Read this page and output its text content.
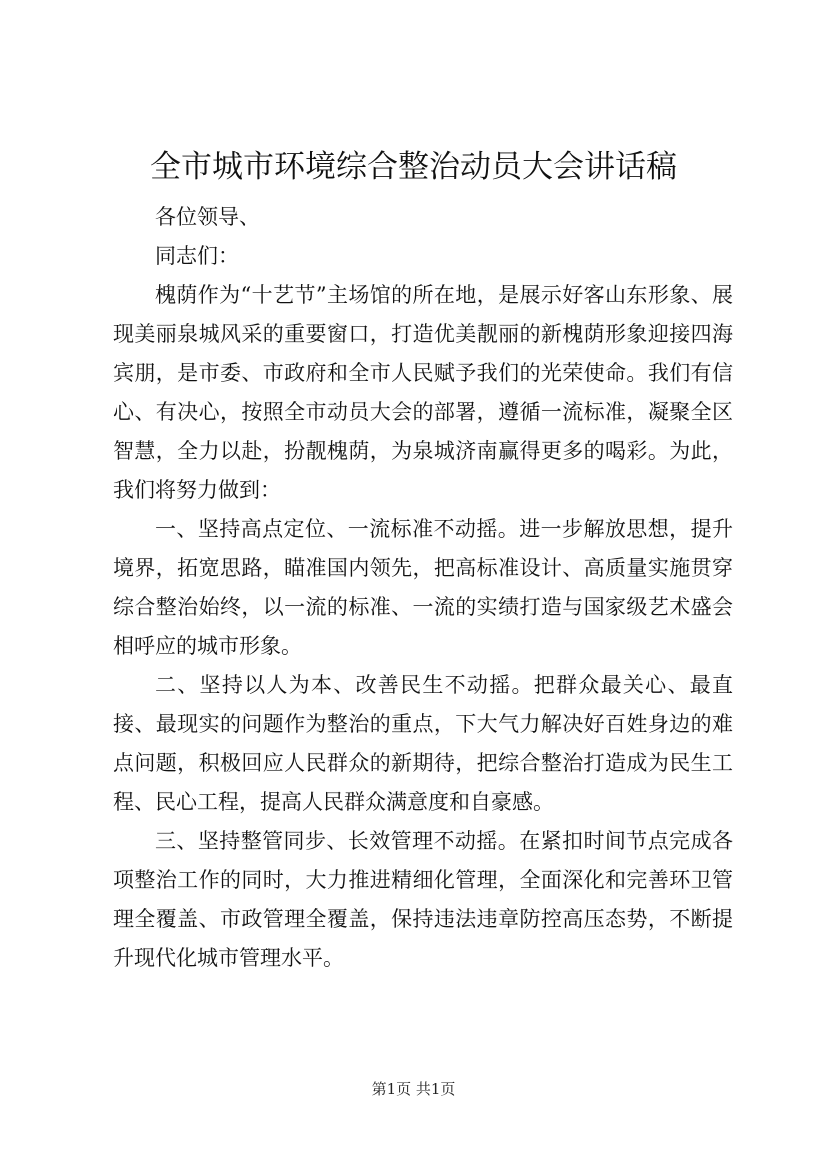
全市城市环境综合整治动员大会讲话稿

各位领导、

同志们：

槐荫作为“十艺节”主场馆的所在地，是展示好客山东形象、展现美丽泉城风采的重要窗口，打造优美靓丽的新槐荫形象迎接四海宾朋，是市委、市政府和全市人民赋予我们的光荣使命。我们有信心、有决心，按照全市动员大会的部署，遵循一流标准，凝聚全区智慧，全力以赴，扮靓槐荫，为泉城济南赢得更多的喝彩。为此，我们将努力做到：

一、坚持高点定位、一流标准不动摇。进一步解放思想，提升境界，拓宽思路，瞄准国内领先，把高标准设计、高质量实施贯穿综合整治始终，以一流的标准、一流的实绩打造与国家级艺术盛会相呼应的城市形象。

二、坚持以人为本、改善民生不动摇。把群众最关心、最直接、最现实的问题作为整治的重点，下大气力解决好百姓身边的难点问题，积极回应人民群众的新期待，把综合整治打造成为民生工程、民心工程，提高人民群众满意度和自豪感。

三、坚持整管同步、长效管理不动摇。在紧扣时间节点完成各项整治工作的同时，大力推进精细化管理，全面深化和完善环卫管理全覆盖、市政管理全覆盖，保持违法违章防控高压态势，不断提升现代化城市管理水平。

第1页 共1页
